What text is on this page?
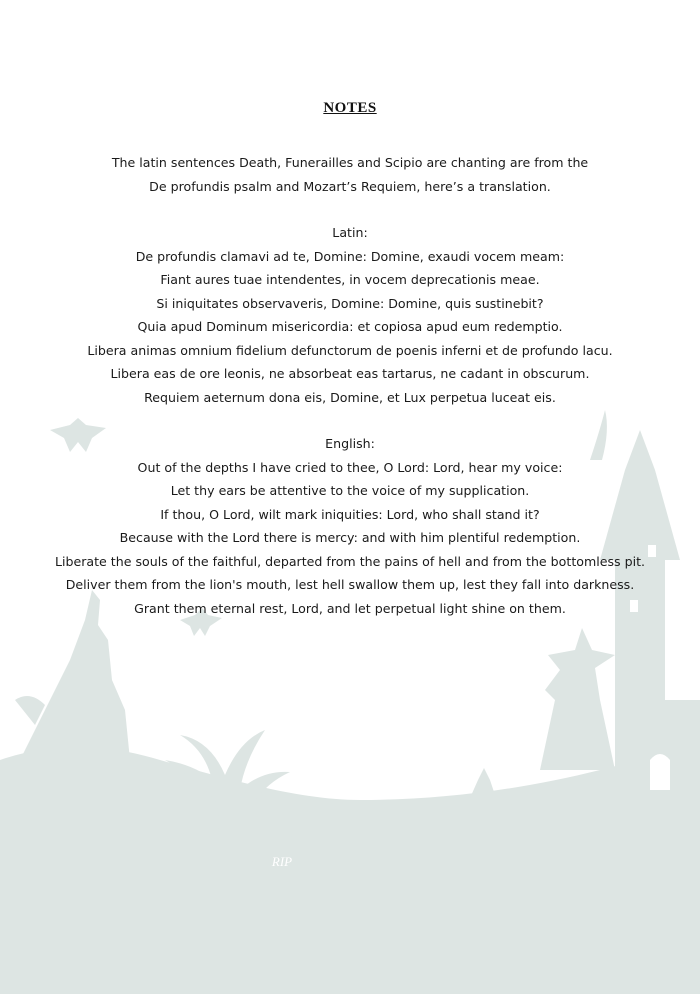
RIP
NOTES

The latin sentences Death, Funerailles and Scipio are chanting are from the

De profundis psalm and Mozart’s Requiem, here’s a translation.

Latin:

De profundis clamavi ad te, Domine: Domine, exaudi vocem meam:

Fiant aures tuae intendentes, in vocem deprecationis meae.

Si iniquitates observaveris, Domine: Domine, quis sustinebit?

Quia apud Dominum misericordia: et copiosa apud eum redemptio.

Libera animas omnium fidelium defunctorum de poenis inferni et de profundo lacu.

Libera eas de ore leonis, ne absorbeat eas tartarus, ne cadant in obscurum.

Requiem aeternum dona eis, Domine, et Lux perpetua luceat eis.

English:

Out of the depths I have cried to thee, O Lord: Lord, hear my voice:

Let thy ears be attentive to the voice of my supplication.

If thou, O Lord, wilt mark iniquities: Lord, who shall stand it?

Because with the Lord there is mercy: and with him plentiful redemption.

Liberate the souls of the faithful, departed from the pains of hell and from the bottomless pit.

Deliver them from the lion's mouth, lest hell swallow them up, lest they fall into darkness.

Grant them eternal rest, Lord, and let perpetual light shine on them.
